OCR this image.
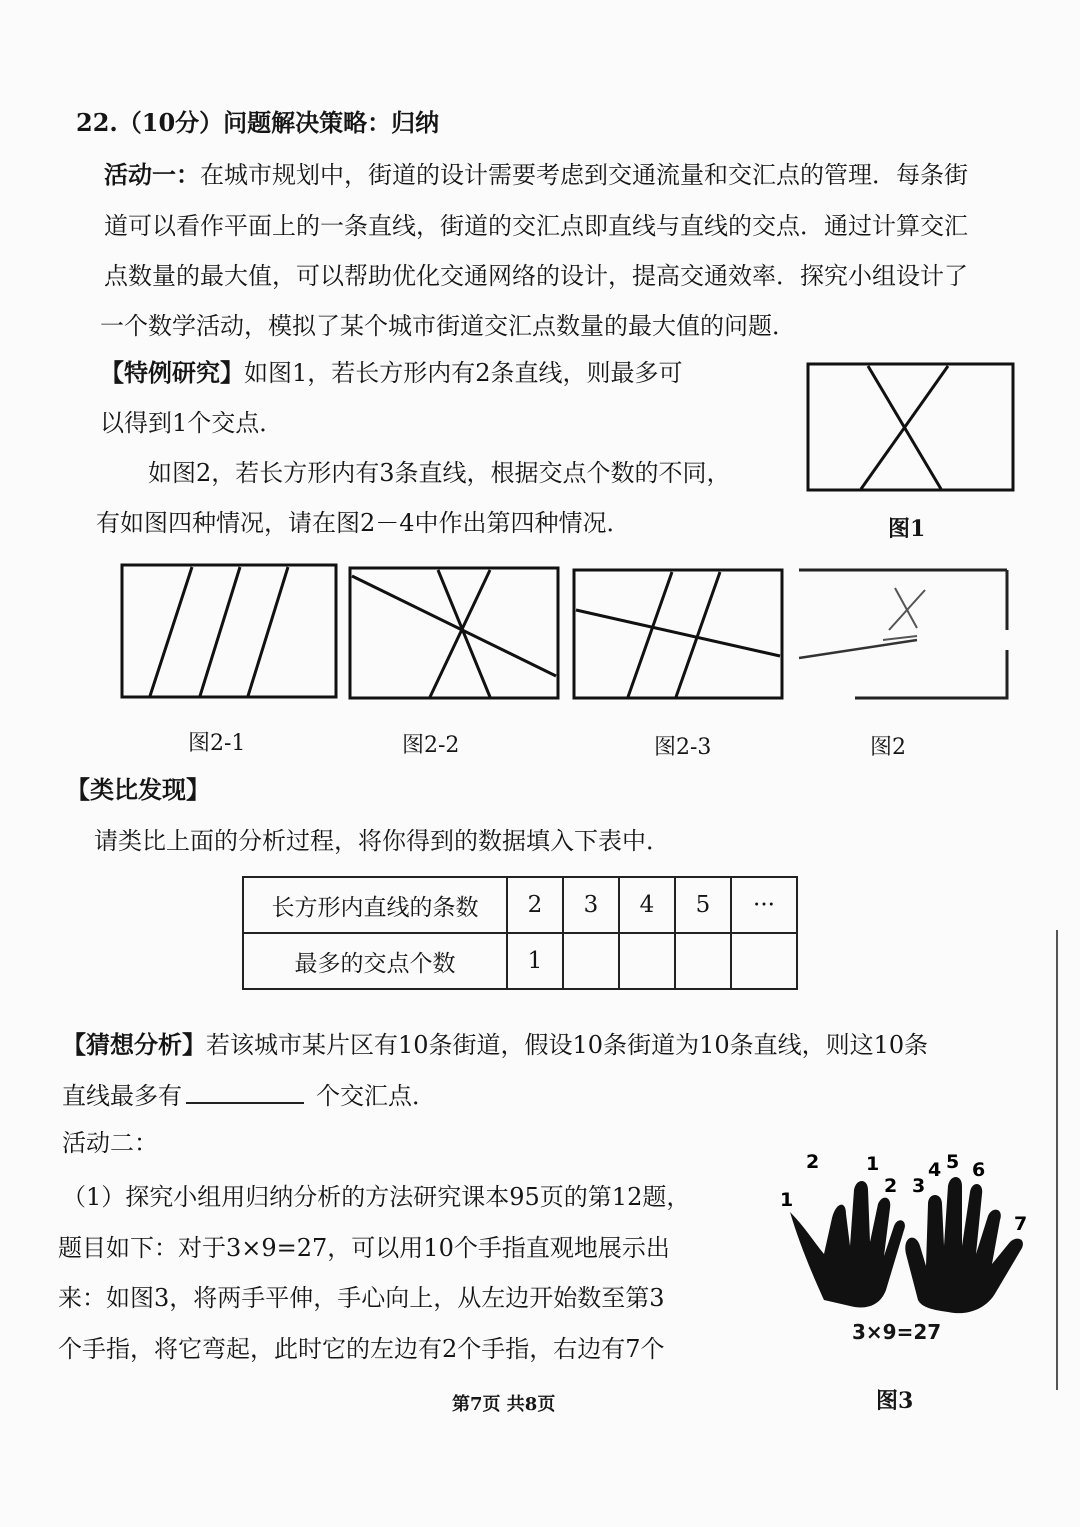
22.（10分）问题解决策略：归纳
活动一：在城市规划中，街道的设计需要考虑到交通流量和交汇点的管理．每条街
道可以看作平面上的一条直线，街道的交汇点即直线与直线的交点．通过计算交汇
点数量的最大值，可以帮助优化交通网络的设计，提高交通效率．探究小组设计了
一个数学活动，模拟了某个城市街道交汇点数量的最大值的问题．
【特例研究】如图1，若长方形内有2条直线，则最多可
以得到1个交点．
如图2，若长方形内有3条直线，根据交点个数的不同，
有如图四种情况，请在图2－4中作出第四种情况．	图1
图2-1	图2-2	图2-3	图2
【类比发现】
请类比上面的分析过程，将你得到的数据填入下表中．
长方形内直线的条数	2	3	4	5	···
最多的交点个数	1				
【猜想分析】若该城市某片区有10条街道，假设10条街道为10条直线，则这10条
直线最多有	个交汇点．
活动二：
（1）探究小组用归纳分析的方法研究课本95页的第12题，
题目如下：对于3×9=27，可以用10个手指直观地展示出
来：如图3，将两手平伸，手心向上，从左边开始数至第3
个手指，将它弯起，此时它的左边有2个手指，右边有7个
1
2 1
2 3
4 5 6
7
3×9=27
图3
第7页 共8页
